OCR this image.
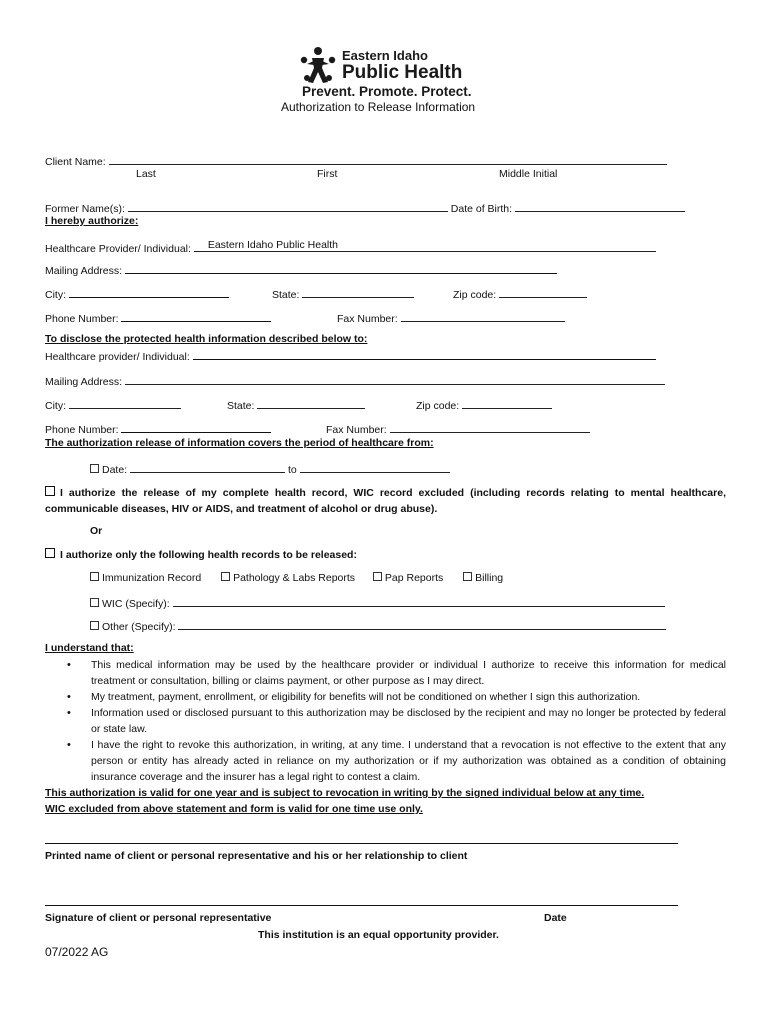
Eastern Idaho
Public Health
Prevent. Promote. Protect.
Authorization to Release Information
Client Name:
Last	First	Middle Initial
Former Name(s):	Date of Birth:
I hereby authorize:
Healthcare Provider/ Individual: Eastern Idaho Public Health
Mailing Address:
City:	State:	Zip code:
Phone Number:	Fax Number:
To disclose the protected health information described below to:
Healthcare provider/ Individual:
Mailing Address:
City:	State:	Zip code:
Phone Number:	Fax Number:
The authorization release of information covers the period of healthcare from:
Date:	to
I authorize the release of my complete health record, WIC record excluded (including records relating to mental healthcare, communicable diseases, HIV or AIDS, and treatment of alcohol or drug abuse).
Or
I authorize only the following health records to be released:
Immunization Record	Pathology & Labs Reports	Pap Reports	Billing
WIC (Specify):
Other (Specify):
I understand that:
• This medical information may be used by the healthcare provider or individual I authorize to receive this information for medical treatment or consultation, billing or claims payment, or other purpose as I may direct.
• My treatment, payment, enrollment, or eligibility for benefits will not be conditioned on whether I sign this authorization.
• Information used or disclosed pursuant to this authorization may be disclosed by the recipient and may no longer be protected by federal or state law.
• I have the right to revoke this authorization, in writing, at any time. I understand that a revocation is not effective to the extent that any person or entity has already acted in reliance on my authorization or if my authorization was obtained as a condition of obtaining insurance coverage and the insurer has a legal right to contest a claim.
This authorization is valid for one year and is subject to revocation in writing by the signed individual below at any time.
WIC excluded from above statement and form is valid for one time use only.
Printed name of client or personal representative and his or her relationship to client
Signature of client or personal representative	Date
This institution is an equal opportunity provider.
07/2022 AG
